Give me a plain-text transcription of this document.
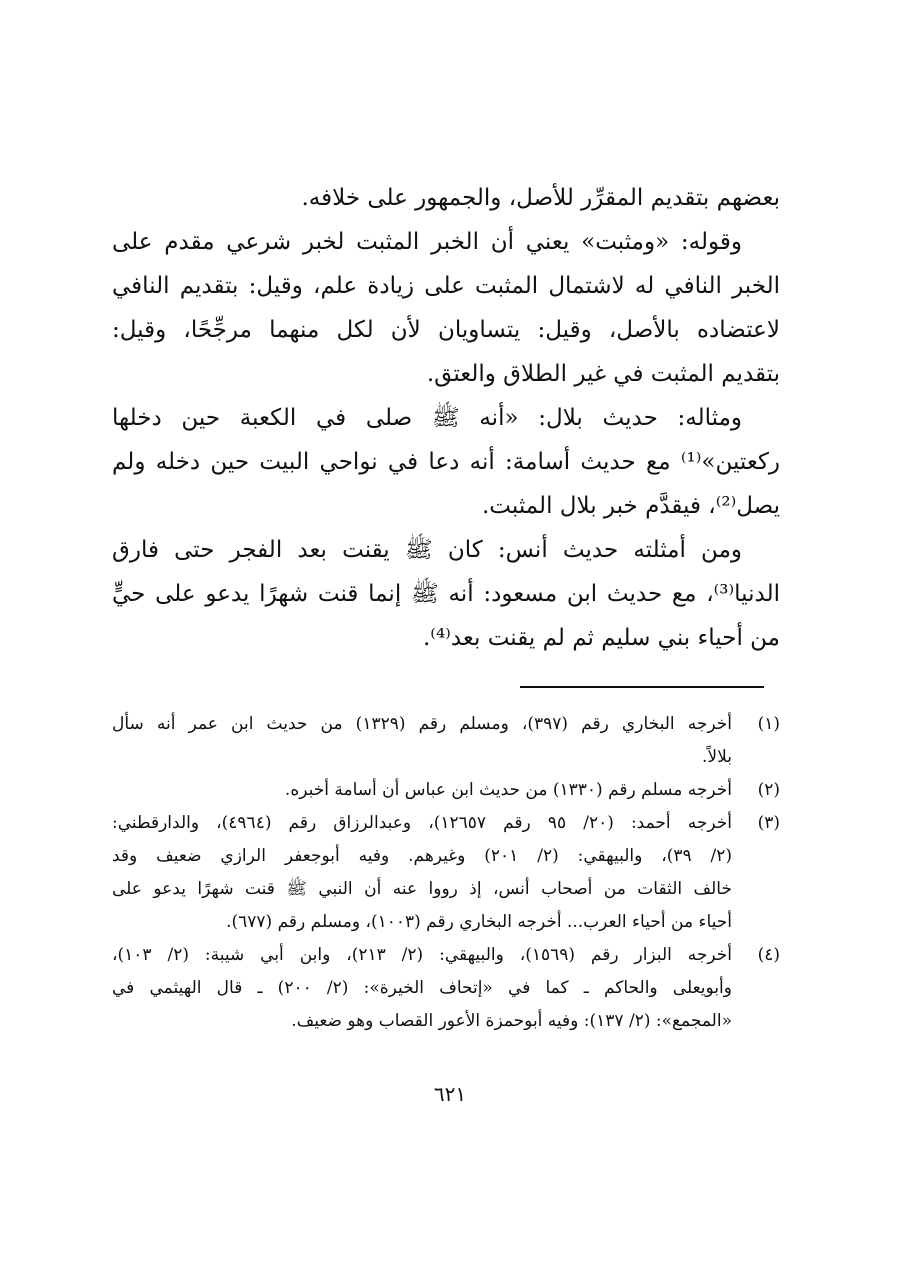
بعضهم بتقديم المقرِّر للأصل، والجمهور على خلافه.
وقوله: «ومثبت» يعني أن الخبر المثبت لخبر شرعي مقدم على
الخبر النافي له لاشتمال المثبت على زيادة علم، وقيل: بتقديم النافي
لاعتضاده بالأصل، وقيل: يتساويان لأن لكل منهما مرجِّحًا، وقيل:
بتقديم المثبت في غير الطلاق والعتق.
ومثاله: حديث بلال: «أنه ﷺ صلى في الكعبة حين دخلها
ركعتين»⁽¹⁾ مع حديث أسامة: أنه دعا في نواحي البيت حين دخله ولم
يصل⁽²⁾، فيقدَّم خبر بلال المثبت.
ومن أمثلته حديث أنس: كان ﷺ يقنت بعد الفجر حتى فارق
الدنيا⁽³⁾، مع حديث ابن مسعود: أنه ﷺ إنما قنت شهرًا يدعو على حيٍّ
من أحياء بني سليم ثم لم يقنت بعد⁽⁴⁾.
(١)
أخرجه البخاري رقم (٣٩٧)، ومسلم رقم (١٣٢٩) من حديث ابن عمر أنه سأل
بلالاً.
(٢)
أخرجه مسلم رقم (١٣٣٠) من حديث ابن عباس أن أسامة أخبره.
(٣)
أخرجه أحمد: (٢٠/ ٩٥ رقم ١٢٦٥٧)، وعبدالرزاق رقم (٤٩٦٤)، والدارقطني:
(٢/ ٣٩)، والبيهقي: (٢/ ٢٠١) وغيرهم. وفيه أبوجعفر الرازي ضعيف وقد
خالف الثقات من أصحاب أنس، إذ رووا عنه أن النبي ﷺ قنت شهرًا يدعو على
أحياء من أحياء العرب... أخرجه البخاري رقم (١٠٠٣)، ومسلم رقم (٦٧٧).
(٤)
أخرجه البزار رقم (١٥٦٩)، والبيهقي: (٢/ ٢١٣)، وابن أبي شيبة: (٢/ ١٠٣)،
وأبويعلى والحاكم ـ كما في «إتحاف الخيرة»: (٢/ ٢٠٠) ـ قال الهيثمي في
«المجمع»: (٢/ ١٣٧): وفيه أبوحمزة الأعور القصاب وهو ضعيف.
٦٢١
